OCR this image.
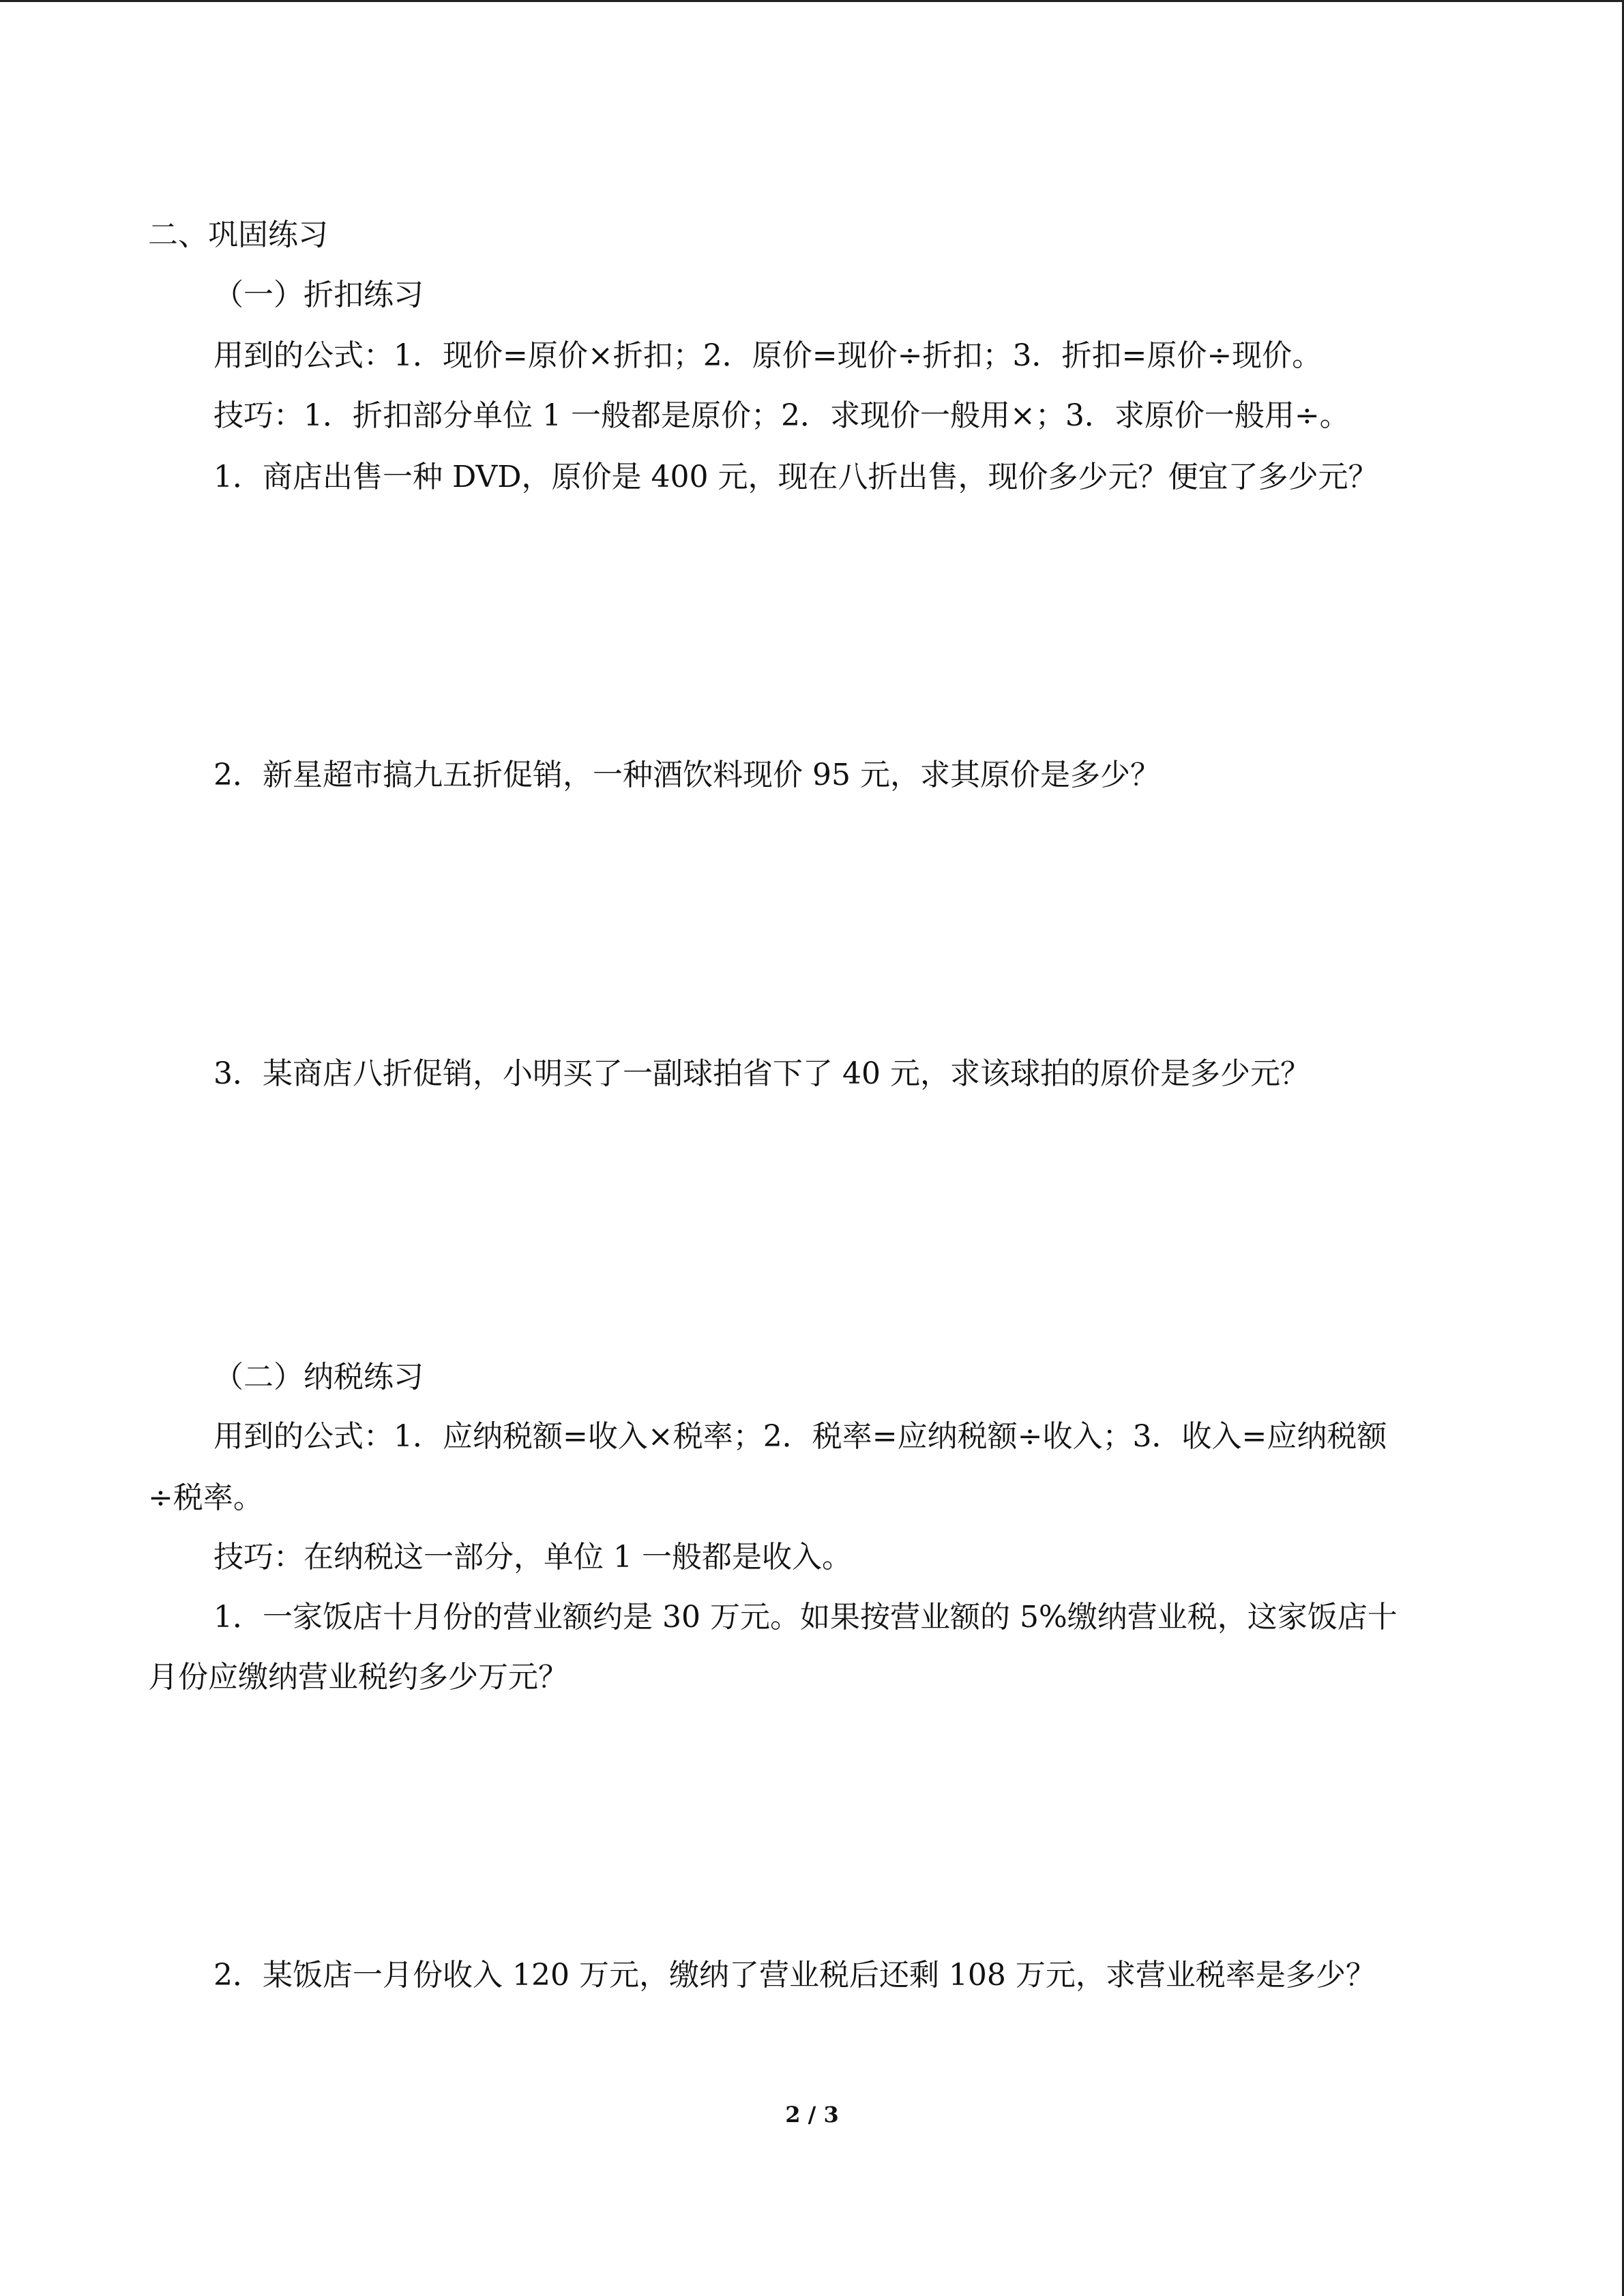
二、巩固练习
（一）折扣练习
用到的公式：1．现价=原价×折扣；2．原价=现价÷折扣；3．折扣=原价÷现价。
技巧：1．折扣部分单位 1 一般都是原价；2．求现价一般用×；3．求原价一般用÷。
1．商店出售一种 DVD，原价是 400 元，现在八折出售，现价多少元？便宜了多少元？
2．新星超市搞九五折促销，一种酒饮料现价 95 元，求其原价是多少？
3．某商店八折促销，小明买了一副球拍省下了 40 元，求该球拍的原价是多少元？
（二）纳税练习
用到的公式：1．应纳税额=收入×税率；2．税率=应纳税额÷收入；3．收入=应纳税额
÷税率。
技巧：在纳税这一部分，单位 1 一般都是收入。
1．一家饭店十月份的营业额约是 30 万元。如果按营业额的 5%缴纳营业税，这家饭店十
月份应缴纳营业税约多少万元？
2．某饭店一月份收入 120 万元，缴纳了营业税后还剩 108 万元，求营业税率是多少？
2 / 3
